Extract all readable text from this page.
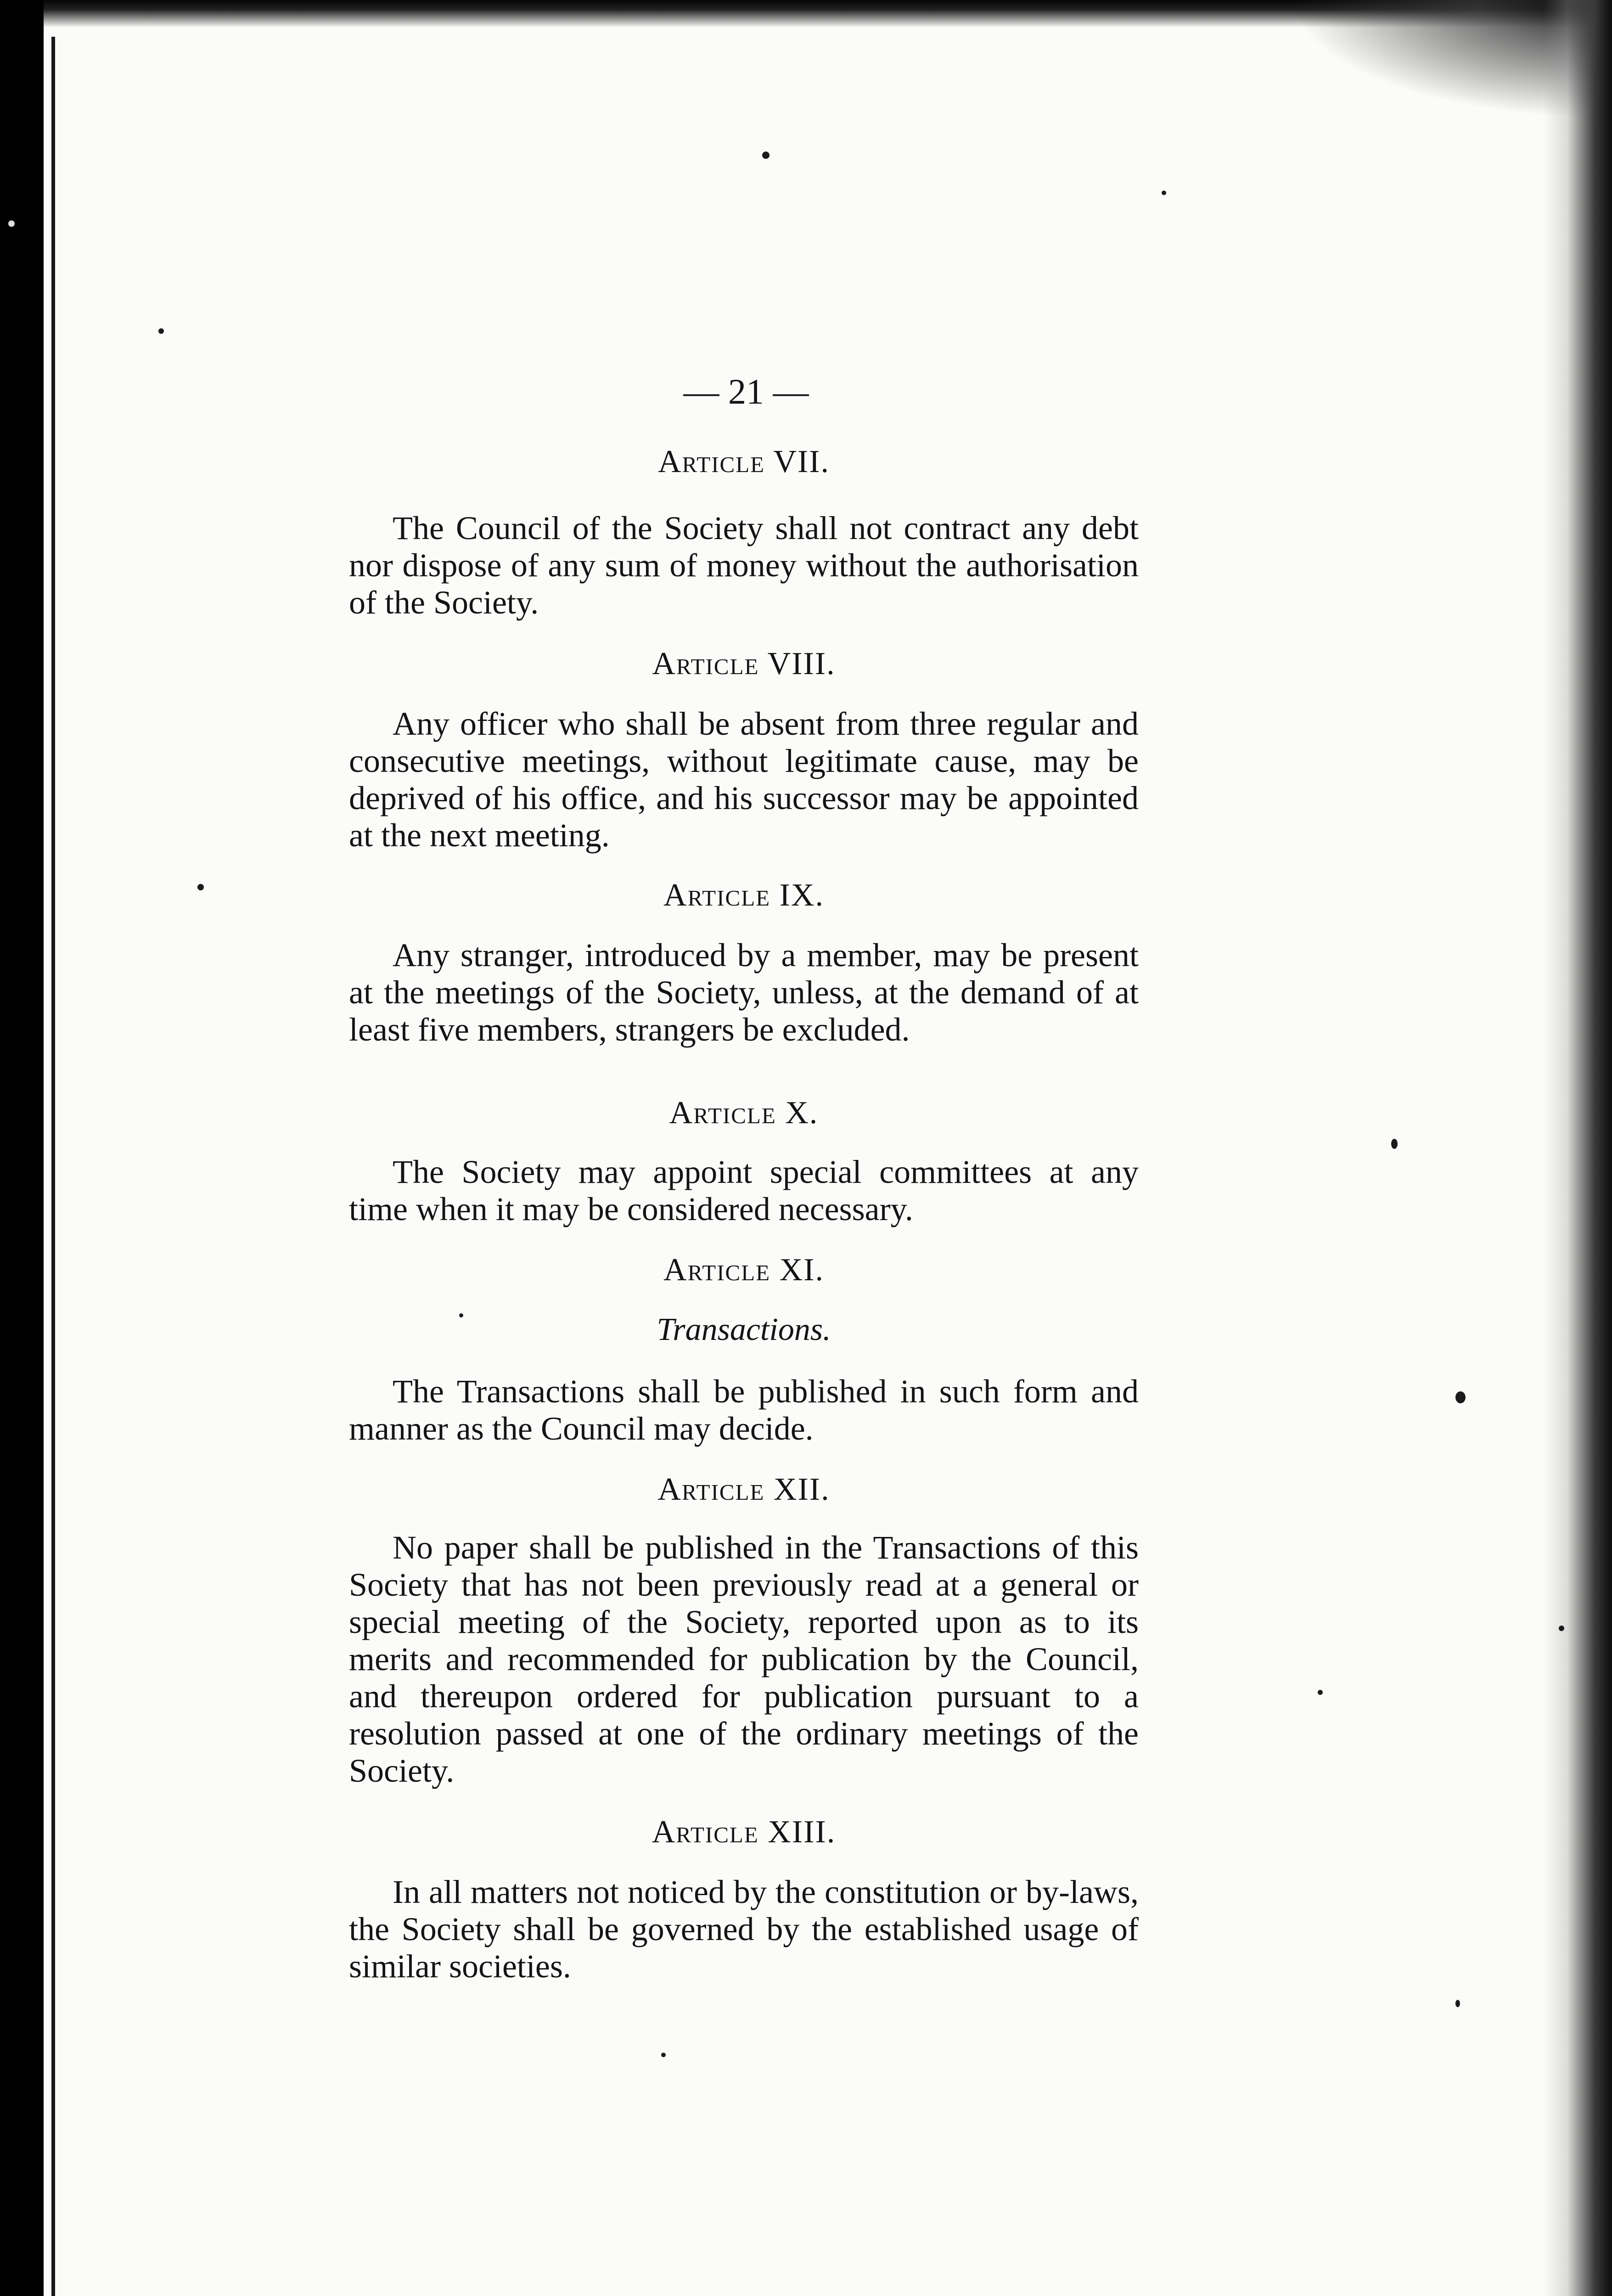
— 21 —
Article VII.

The Council of the Society shall not contract any debt nor dispose of any sum of money without the authorisation of the Society.

Article VIII.

Any officer who shall be absent from three regular and consecutive meetings, without legitimate cause, may be deprived of his office, and his successor may be appointed at the next meeting.

Article IX.

Any stranger, introduced by a member, may be present at the meetings of the Society, unless, at the demand of at least five members, strangers be excluded.

Article X.

The Society may appoint special committees at any time when it may be considered necessary.

Article XI.
Transactions.

The Transactions shall be published in such form and manner as the Council may decide.

Article XII.

No paper shall be published in the Transactions of this Society that has not been previously read at a general or special meeting of the Society, reported upon as to its merits and recommended for publication by the Council, and thereupon ordered for publication pursuant to a resolution passed at one of the ordinary meetings of the Society.

Article XIII.

In all matters not noticed by the constitution or by-laws, the Society shall be governed by the established usage of similar societies.
